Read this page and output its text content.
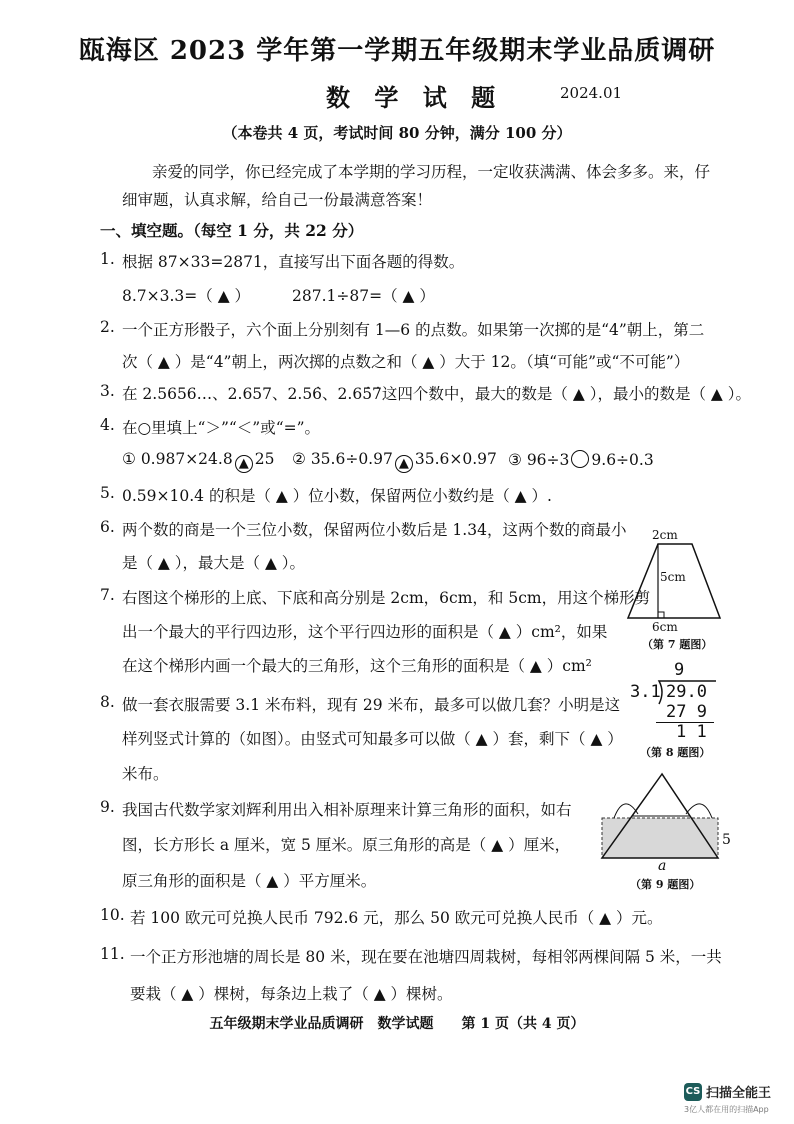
瓯海区 2023 学年第一学期五年级期末学业品质调研
数 学 试 题	2024.01
（本卷共 4 页，考试时间 80 分钟，满分 100 分）
亲爱的同学，你已经完成了本学期的学习历程，一定收获满满、体会多多。来，仔
细审题，认真求解，给自己一份最满意答案！
一、填空题。（每空 1 分，共 22 分）
1. 根据 87×33=2871，直接写出下面各题的得数。
8.7×3.3=（ ▲ ）	287.1÷87=（ ▲ ）
2. 一个正方形骰子，六个面上分别刻有 1—6 的点数。如果第一次掷的是“4”朝上，第二
次（ ▲ ）是“4”朝上，两次掷的点数之和（ ▲ ）大于 12。（填“可能”或“不可能”）
3. 在 2.5656…、2.657、2.56̇、2.65̇7̇这四个数中，最大的数是（ ▲ ），最小的数是（ ▲ ）。
4. 在○里填上“＞”“＜”或“=”。
① 0.987×24.8 ▲ 25 ② 35.6÷0.97 ▲ 35.6×0.97 ③ 96÷3 9.6÷0.3
5. 0.59×10.4 的积是（ ▲ ）位小数，保留两位小数约是（ ▲ ）.
6. 两个数的商是一个三位小数，保留两位小数后是 1.34，这两个数的商最小
是（ ▲ ），最大是（ ▲ ）。
7. 右图这个梯形的上底、下底和高分别是 2cm，6cm，和 5cm，用这个梯形剪
出一个最大的平行四边形，这个平行四边形的面积是（ ▲ ）cm²，如果
在这个梯形内画一个最大的三角形，这个三角形的面积是（ ▲ ）cm²
2cm
5cm
6cm
（第 7 题图）
8. 做一套衣服需要 3.1 米布料，现有 29 米布，最多可以做几套？小明是这
样列竖式计算的（如图）。由竖式可知最多可以做（ ▲ ）套，剩下（ ▲ ）
米布。
9
3.1 29.0
27 9
1 1
（第 8 题图）
9. 我国古代数学家刘辉利用出入相补原理来计算三角形的面积，如右
图，长方形长 a 厘米，宽 5 厘米。原三角形的高是（ ▲ ）厘米，
原三角形的面积是（ ▲ ）平方厘米。
5
a
（第 9 题图）
10. 若 100 欧元可兑换人民币 792.6 元，那么 50 欧元可兑换人民币（ ▲ ）元。
11. 一个正方形池塘的周长是 80 米，现在要在池塘四周栽树，每相邻两棵间隔 5 米，一共
要栽（ ▲ ）棵树，每条边上栽了（ ▲ ）棵树。
五年级期末学业品质调研　数学试题　　第 1 页（共 4 页）
CS 扫描全能王
3亿人都在用的扫描App
